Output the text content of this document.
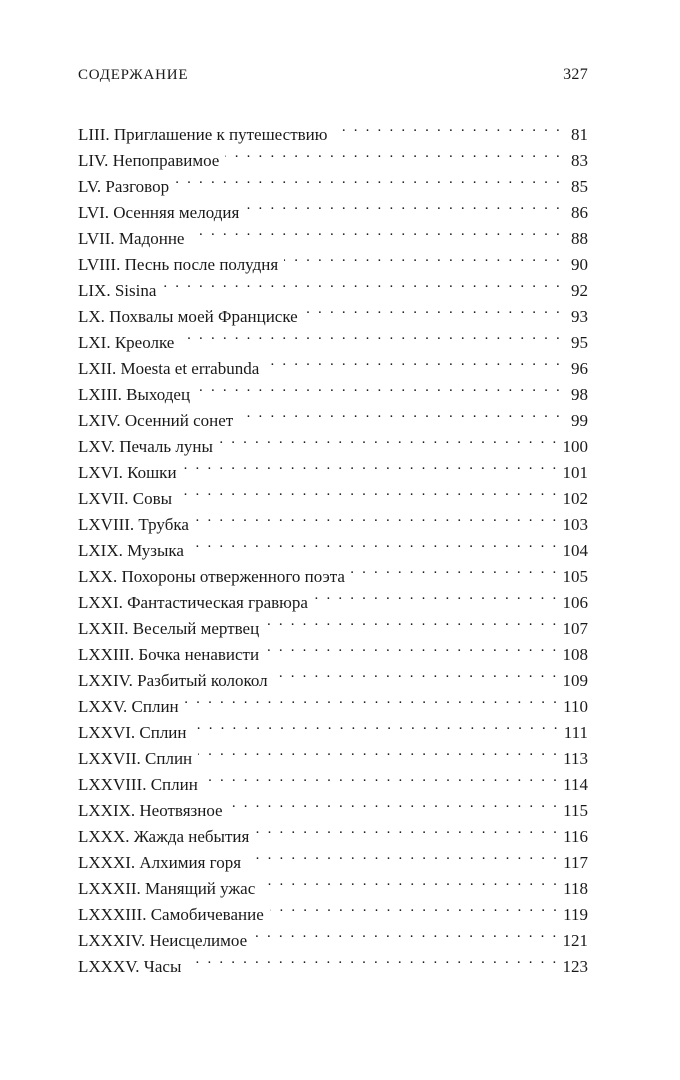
СОДЕРЖАНИЕ	327
LIII. Приглашение к путешествию . . .	81
LIV. Непоправимое . . .	83
LV. Разговор . . .	85
LVI. Осенняя мелодия . . .	86
LVII. Мадонне . . .	88
LVIII. Песнь после полудня . . .	90
LIX. Sisina . . .	92
LX. Похвалы моей Франциске . . .	93
LXI. Креолке . . .	95
LXII. Moesta et errabunda . . .	96
LXIII. Выходец . . .	98
LXIV. Осенний сонет . . .	99
LXV. Печаль луны . . .	100
LXVI. Кошки . . .	101
LXVII. Совы . . .	102
LXVIII. Трубка . . .	103
LXIX. Музыка . . .	104
LXX. Похороны отверженного поэта . . .	105
LXXI. Фантастическая гравюра . . .	106
LXXII. Веселый мертвец . . .	107
LXXIII. Бочка ненависти . . .	108
LXXIV. Разбитый колокол . . .	109
LXXV. Сплин . . .	110
LXXVI. Сплин . . .	111
LXXVII. Сплин . . .	113
LXXVIII. Сплин . . .	114
LXXIX. Неотвязное . . .	115
LXXX. Жажда небытия . . .	116
LXXXI. Алхимия горя . . .	117
LXXXII. Манящий ужас . . .	118
LXXXIII. Самобичевание . . .	119
LXXXIV. Неисцелимое . . .	121
LXXXV. Часы . . .	123
